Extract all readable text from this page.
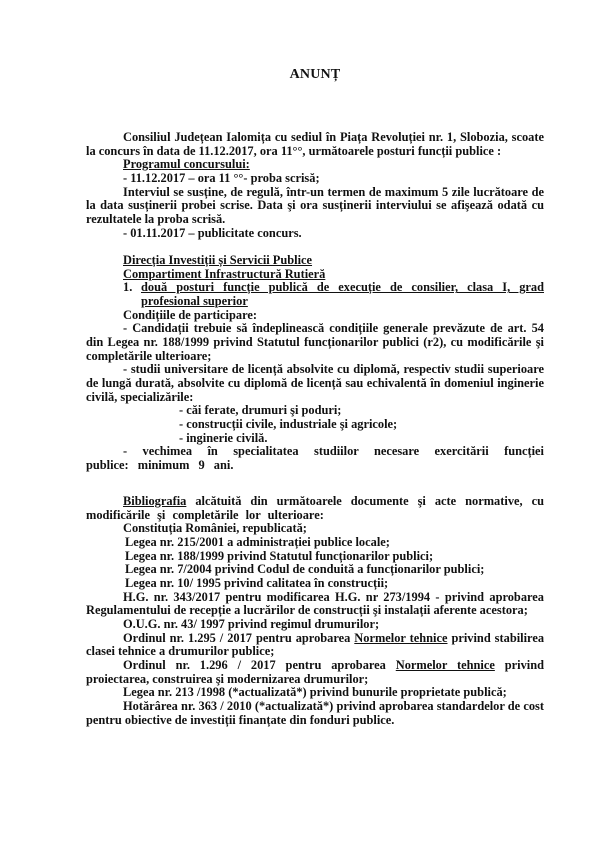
ANUNȚ

Consiliul Județean Ialomița cu sediul în Piața Revoluției nr. 1, Slobozia, scoate la concurs în data de 11.12.2017, ora 11°°, următoarele posturi funcții publice :

Programul concursului:

- 11.12.2017 – ora 11 °°- proba scrisă;

Interviul se susține, de regulă, într-un termen de maximum 5 zile lucrătoare de la data susținerii probei scrise. Data şi ora susținerii interviului se afişează odată cu rezultatele la proba scrisă.

- 01.11.2017 – publicitate concurs.

Direcția Investiții și Servicii Publice

Compartiment Infrastructură Rutieră

1. două posturi funcție publică de execuție de consilier, clasa I, grad profesional superior

Condițiile de participare:

- Candidații trebuie să îndeplinească condițiile generale prevăzute de art. 54 din Legea nr. 188/1999 privind Statutul funcționarilor publici (r2), cu modificările şi completările ulterioare;

- studii universitare de licență absolvite cu diplomă, respectiv studii superioare de lungă durată, absolvite cu diplomă de licență sau echivalentă în domeniul inginerie civilă, specializările:

- căi ferate, drumuri şi poduri;

- construcții civile, industriale şi agricole;

- inginerie civilă.

- vechimea în specialitatea studiilor necesare exercitării funcției publice: minimum 9 ani.

Bibliografia alcătuită din următoarele documente şi acte normative, cu modificările şi completările lor ulterioare:

Constituția României, republicată;

Legea nr. 215/2001 a administrației publice locale;

Legea nr. 188/1999 privind Statutul funcționarilor publici;

Legea nr. 7/2004 privind Codul de conduită a funcționarilor publici;

Legea nr. 10/ 1995 privind calitatea în construcții;

H.G. nr. 343/2017 pentru modificarea H.G. nr 273/1994 - privind aprobarea Regulamentului de recepție a lucrărilor de construcții şi instalații aferente acestora;

O.U.G. nr. 43/ 1997 privind regimul drumurilor;

Ordinul nr. 1.295 / 2017 pentru aprobarea Normelor tehnice privind stabilirea clasei tehnice a drumurilor publice;

Ordinul nr. 1.296 / 2017 pentru aprobarea Normelor tehnice privind proiectarea, construirea şi modernizarea drumurilor;

Legea nr. 213 /1998 (*actualizată*) privind bunurile proprietate publică;

Hotărârea nr. 363 / 2010 (*actualizată*) privind aprobarea standardelor de cost pentru obiective de investiții finanțate din fonduri publice.
